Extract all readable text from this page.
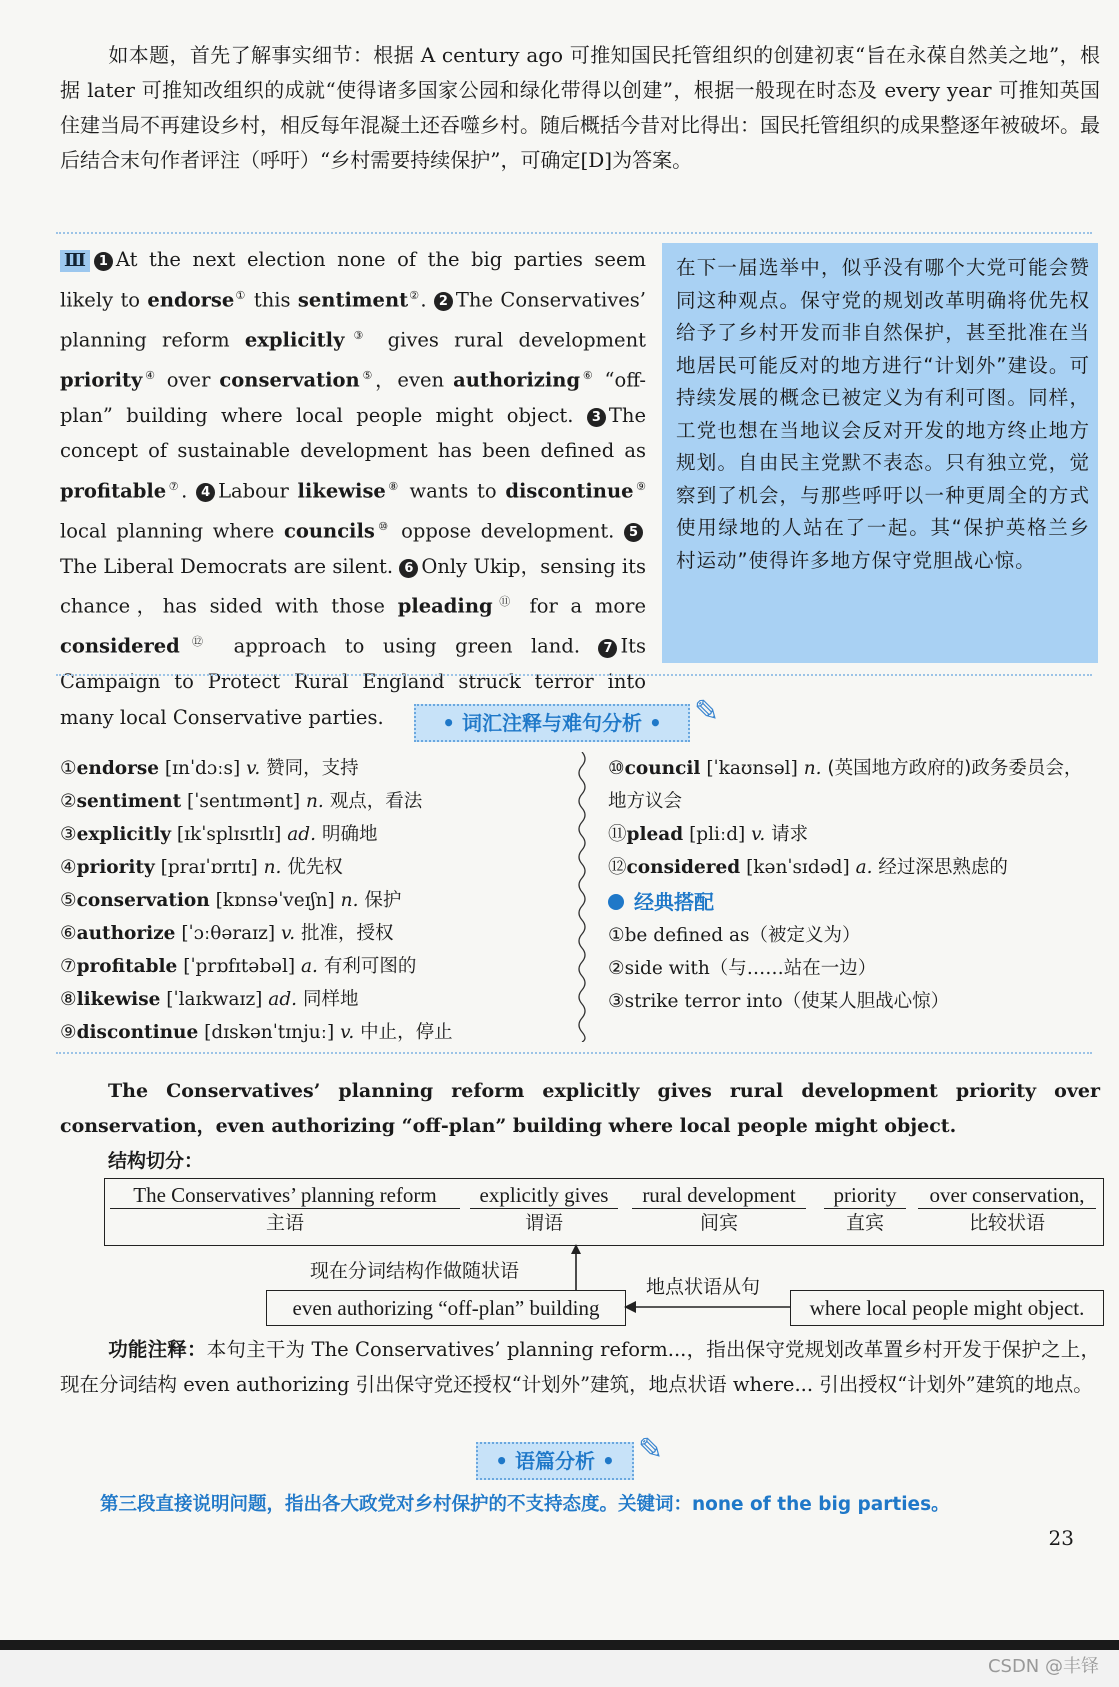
如本题，首先了解事实细节：根据 A century ago 可推知国民托管组织的创建初衷“旨在永葆自然美之地”，根据 later 可推知改组织的成就“使得诸多国家公园和绿化带得以创建”，根据一般现在时态及 every year 可推知英国住建当局不再建设乡村，相反每年混凝土还吞噬乡村。随后概括今昔对比得出：国民托管组织的成果整逐年被破坏。最后结合末句作者评注（呼吁）“乡村需要持续保护”，可确定[D]为答案。
Ⅲ 1 At the next election none of the big parties seem likely to endorse① this sentiment②. 2 The Conservatives’ planning reform explicitly③ gives rural development priority④ over conservation⑤，even authorizing⑥ “off-plan” building where local people might object. 3 The concept of sustainable development has been defined as profitable⑦. 4 Labour likewise⑧ wants to discontinue⑨ local planning where councils⑩ oppose development. 5The Liberal Democrats are silent. 6 Only Ukip，sensing its chance，has sided with those pleading⑪ for a more considered⑫ approach to using green land. 7 Its Campaign to Protect Rural England struck terror into many local Conservative parties.
在下一届选举中，似乎没有哪个大党可能会赞同这种观点。保守党的规划改革明确将优先权给予了乡村开发而非自然保护，甚至批准在当地居民可能反对的地方进行“计划外”建设。可持续发展的概念已被定义为有利可图。同样，工党也想在当地议会反对开发的地方终止地方规划。自由民主党默不表态。只有独立党，觉察到了机会，与那些呼吁以一种更周全的方式使用绿地的人站在了一起。其“保护英格兰乡村运动”使得许多地方保守党胆战心惊。
• 词汇注释与难句分析 •	✎
①endorse [ɪnˈdɔːs] v. 赞同，支持
②sentiment [ˈsentɪmənt] n. 观点，看法
③explicitly [ɪkˈsplɪsɪtlɪ] ad. 明确地
④priority [praɪˈɒrɪtɪ] n. 优先权
⑤conservation [kɒnsəˈveɪʃn] n. 保护
⑥authorize [ˈɔːθəraɪz] v. 批准，授权
⑦profitable [ˈprɒfɪtəbəl] a. 有利可图的
⑧likewise [ˈlaɪkwaɪz] ad. 同样地
⑨discontinue [dɪskənˈtɪnjuː] v. 中止，停止
⑩council [ˈkaʊnsəl] n. (英国地方政府的)政务委员会，地方议会
⑪plead [pliːd] v. 请求
⑫considered [kənˈsɪdəd] a. 经过深思熟虑的
经典搭配
①be defined as（被定义为）
②side with（与……站在一边）
③strike terror into（使某人胆战心惊）
The Conservatives’ planning reform explicitly gives rural development priority over conservation，even authorizing “off-plan” building where local people might object.
结构切分：
The Conservatives’ planning reform
主语
explicitly gives
谓语
rural development
间宾
priority
直宾
over conservation,
比较状语
现在分词结构作做随状语
even authorizing “off-plan” building
地点状语从句
where local people might object.
功能注释：本句主干为 The Conservatives’ planning reform...，指出保守党规划改革置乡村开发于保护之上，现在分词结构 even authorizing 引出保守党还授权“计划外”建筑，地点状语 where... 引出授权“计划外”建筑的地点。
• 语篇分析 • ✎
第三段直接说明问题，指出各大政党对乡村保护的不支持态度。关键词：none of the big parties。
23
CSDN @丰铎
